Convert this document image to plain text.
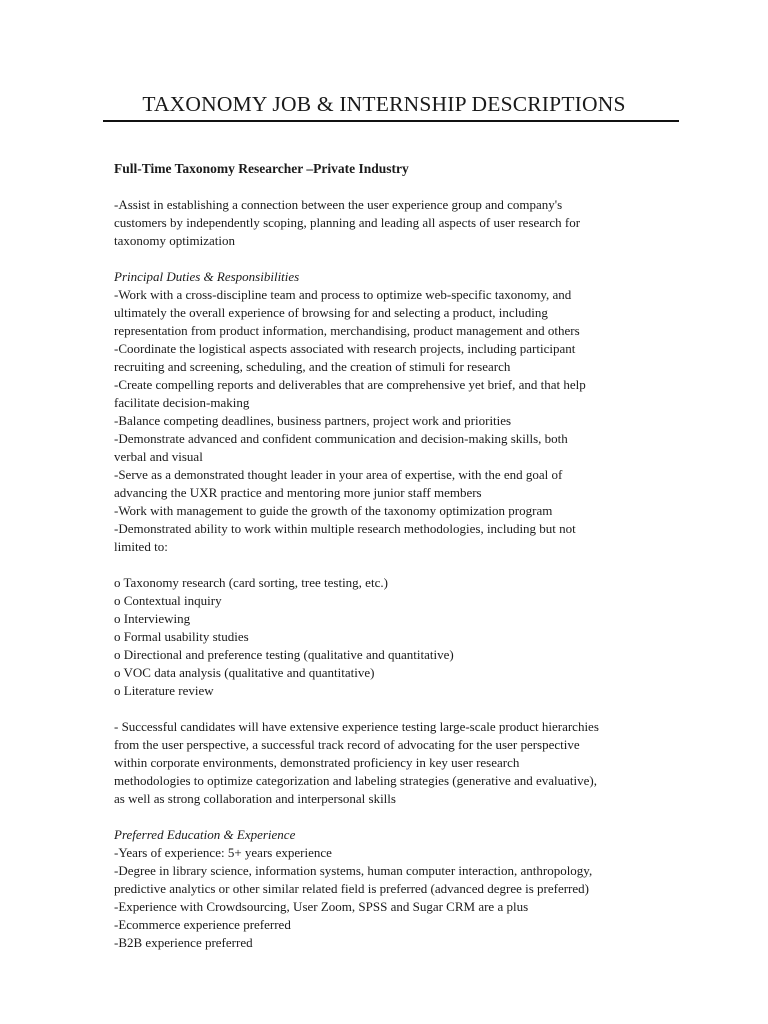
TAXONOMY JOB & INTERNSHIP DESCRIPTIONS

Full-Time Taxonomy Researcher –Private Industry

-Assist in establishing a connection between the user experience group and company's

customers by independently scoping, planning and leading all aspects of user research for

taxonomy optimization

Principal Duties & Responsibilities

-Work with a cross-discipline team and process to optimize web-specific taxonomy, and

ultimately the overall experience of browsing for and selecting a product, including

representation from product information, merchandising, product management and others

-Coordinate the logistical aspects associated with research projects, including participant

recruiting and screening, scheduling, and the creation of stimuli for research

-Create compelling reports and deliverables that are comprehensive yet brief, and that help

facilitate decision-making

-Balance competing deadlines, business partners, project work and priorities

-Demonstrate advanced and confident communication and decision-making skills, both

verbal and visual

-Serve as a demonstrated thought leader in your area of expertise, with the end goal of

advancing the UXR practice and mentoring more junior staff members

-Work with management to guide the growth of the taxonomy optimization program

-Demonstrated ability to work within multiple research methodologies, including but not

limited to:

o Taxonomy research (card sorting, tree testing, etc.)

o Contextual inquiry

o Interviewing

o Formal usability studies

o Directional and preference testing (qualitative and quantitative)

o VOC data analysis (qualitative and quantitative)

o Literature review

- Successful candidates will have extensive experience testing large-scale product hierarchies

from the user perspective, a successful track record of advocating for the user perspective

within corporate environments, demonstrated proficiency in key user research

methodologies to optimize categorization and labeling strategies (generative and evaluative),

as well as strong collaboration and interpersonal skills

Preferred Education & Experience

-Years of experience: 5+ years experience

-Degree in library science, information systems, human computer interaction, anthropology,

predictive analytics or other similar related field is preferred (advanced degree is preferred)

-Experience with Crowdsourcing, User Zoom, SPSS and Sugar CRM are a plus

-Ecommerce experience preferred

-B2B experience preferred
